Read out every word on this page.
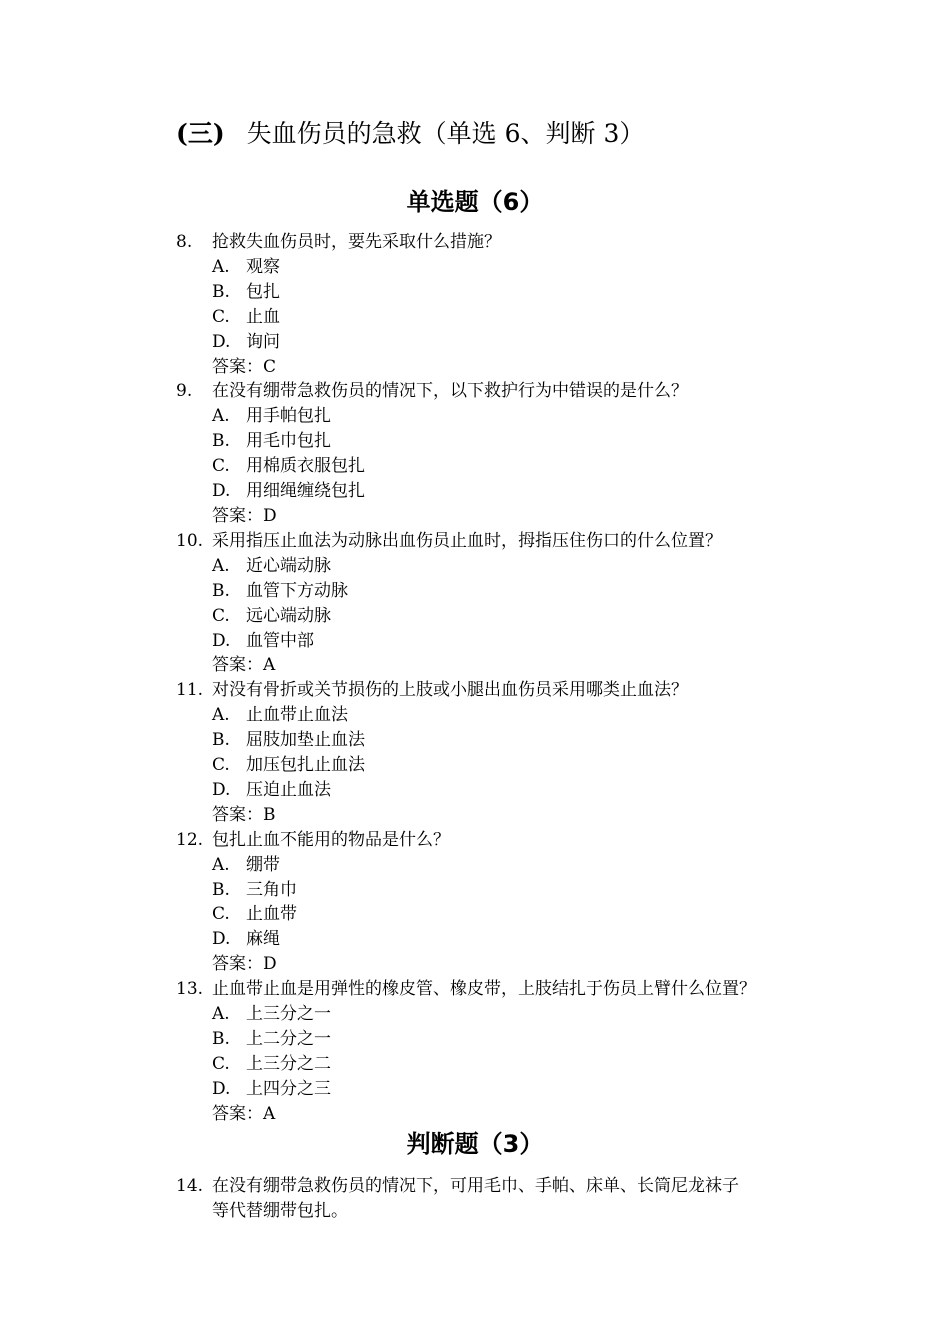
(三) 失血伤员的急救（单选 6、判断 3）
单选题（6）
8. 抢救失血伤员时，要先采取什么措施？
A. 观察
B. 包扎
C. 止血
D. 询问
答案：C
9. 在没有绷带急救伤员的情况下，以下救护行为中错误的是什么？
A. 用手帕包扎
B. 用毛巾包扎
C. 用棉质衣服包扎
D. 用细绳缠绕包扎
答案：D
10. 采用指压止血法为动脉出血伤员止血时，拇指压住伤口的什么位置？
A. 近心端动脉
B. 血管下方动脉
C. 远心端动脉
D. 血管中部
答案：A
11. 对没有骨折或关节损伤的上肢或小腿出血伤员采用哪类止血法？
A. 止血带止血法
B. 屈肢加垫止血法
C. 加压包扎止血法
D. 压迫止血法
答案：B
12. 包扎止血不能用的物品是什么？
A. 绷带
B. 三角巾
C. 止血带
D. 麻绳
答案：D
13. 止血带止血是用弹性的橡皮管、橡皮带，上肢结扎于伤员上臂什么位置？
A. 上三分之一
B. 上二分之一
C. 上三分之二
D. 上四分之三
答案：A
判断题（3）
14. 在没有绷带急救伤员的情况下，可用毛巾、手帕、床单、长筒尼龙袜子
等代替绷带包扎。
